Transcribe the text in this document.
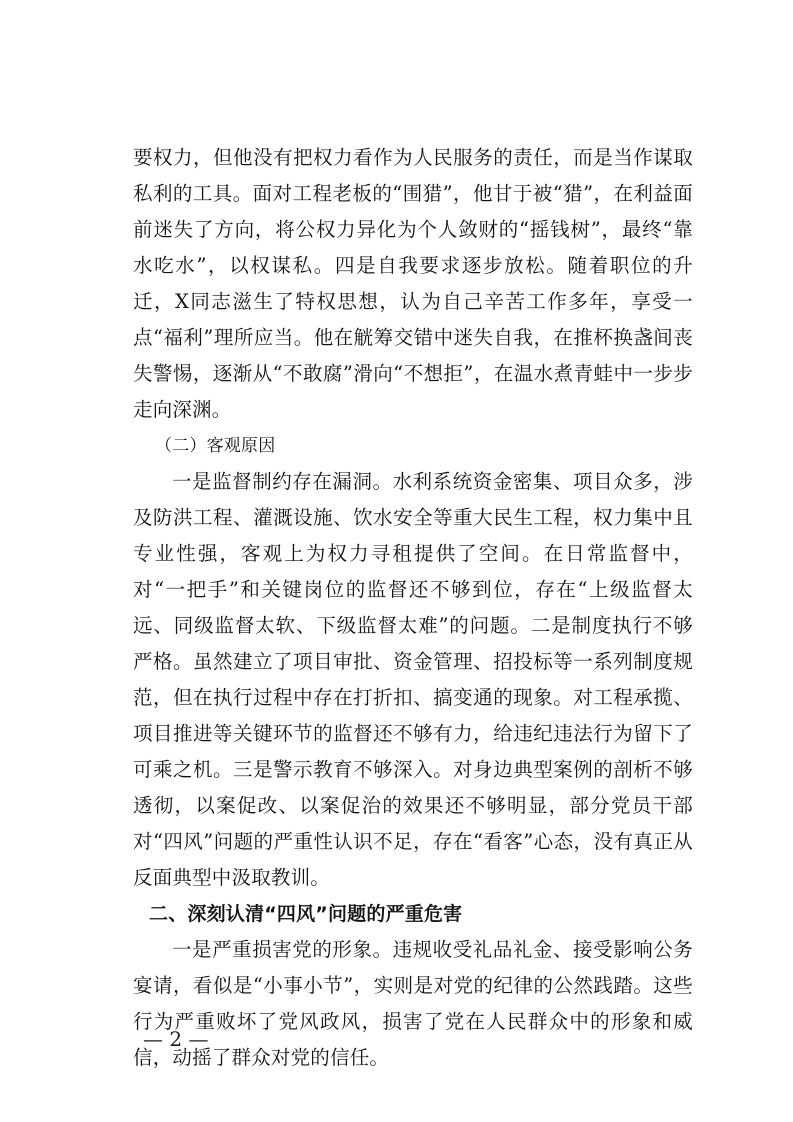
要权力，但他没有把权力看作为人民服务的责任，而是当作谋取私利的工具。面对工程老板的“围猎”，他甘于被“猎”，在利益面前迷失了方向，将公权力异化为个人敛财的“摇钱树”，最终“靠水吃水”，以权谋私。四是自我要求逐步放松。随着职位的升迁，X同志滋生了特权思想，认为自己辛苦工作多年，享受一点“福利”理所应当。他在觥筹交错中迷失自我，在推杯换盏间丧失警惕，逐渐从“不敢腐”滑向“不想拒”，在温水煮青蛙中一步步走向深渊。

（二）客观原因

一是监督制约存在漏洞。水利系统资金密集、项目众多，涉及防洪工程、灌溉设施、饮水安全等重大民生工程，权力集中且专业性强，客观上为权力寻租提供了空间。在日常监督中，对“一把手”和关键岗位的监督还不够到位，存在“上级监督太远、同级监督太软、下级监督太难”的问题。二是制度执行不够严格。虽然建立了项目审批、资金管理、招投标等一系列制度规范，但在执行过程中存在打折扣、搞变通的现象。对工程承揽、项目推进等关键环节的监督还不够有力，给违纪违法行为留下了可乘之机。三是警示教育不够深入。对身边典型案例的剖析不够透彻，以案促改、以案促治的效果还不够明显，部分党员干部对“四风”问题的严重性认识不足，存在“看客”心态，没有真正从反面典型中汲取教训。

二、深刻认清“四风”问题的严重危害

一是严重损害党的形象。违规收受礼品礼金、接受影响公务宴请，看似是“小事小节”，实则是对党的纪律的公然践踏。这些行为严重败坏了党风政风，损害了党在人民群众中的形象和威信，动摇了群众对党的信任。

— 2 —
